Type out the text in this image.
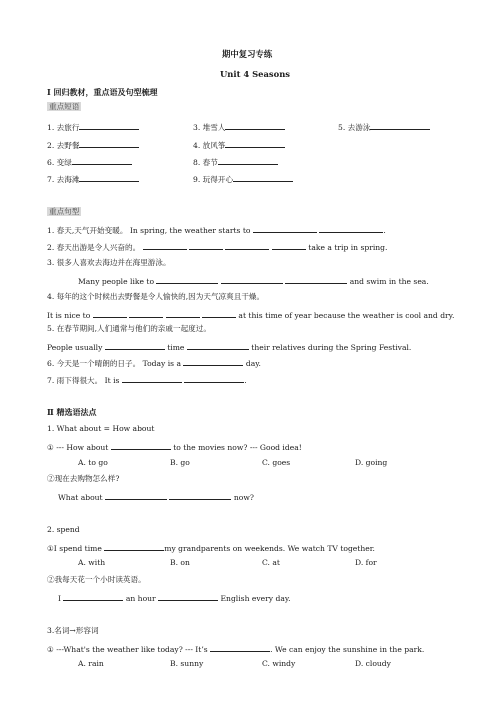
期中复习专练
Unit 4 Seasons
Ⅰ 回归教材，重点语及句型梳理
重点短语
1. 去旅行	3. 堆雪人	5. 去游泳
2. 去野餐	4. 放风筝
6. 变绿	8. 春节
7. 去海滩	9. 玩得开心
重点句型
1. 春天,天气开始变暖。 In spring, the weather starts to	.
2. 春天出游是令人兴奋的。	take a trip in spring.
3. 很多人喜欢去海边并在海里游泳。
Many people like to	and swim in the sea.
4. 每年的这个时候出去野餐是令人愉快的,因为天气凉爽且干燥。
It is nice to	at this time of year because the weather is cool and dry.
5. 在春节期间,人们通常与他们的亲戚一起度过。
People usually	time	their relatives during the Spring Festival.
6. 今天是一个晴朗的日子。 Today is a	day.
7. 雨下得很大。 It is	.
Ⅱ 精选语法点
1. What about = How about
① --- How about	to the movies now? --- Good idea!
A. to go	B. go	C. goes	D. going
②现在去购物怎么样?
What about	now?
2. spend
①I spend time	my grandparents on weekends. We watch TV together.
A. with	B. on	C. at	D. for
②我每天花一个小时读英语。
I	an hour	English every day.
3.名词→形容词
① ---What's the weather like today? --- It’s	. We can enjoy the sunshine in the park.
A. rain	B. sunny	C. windy	D. cloudy
